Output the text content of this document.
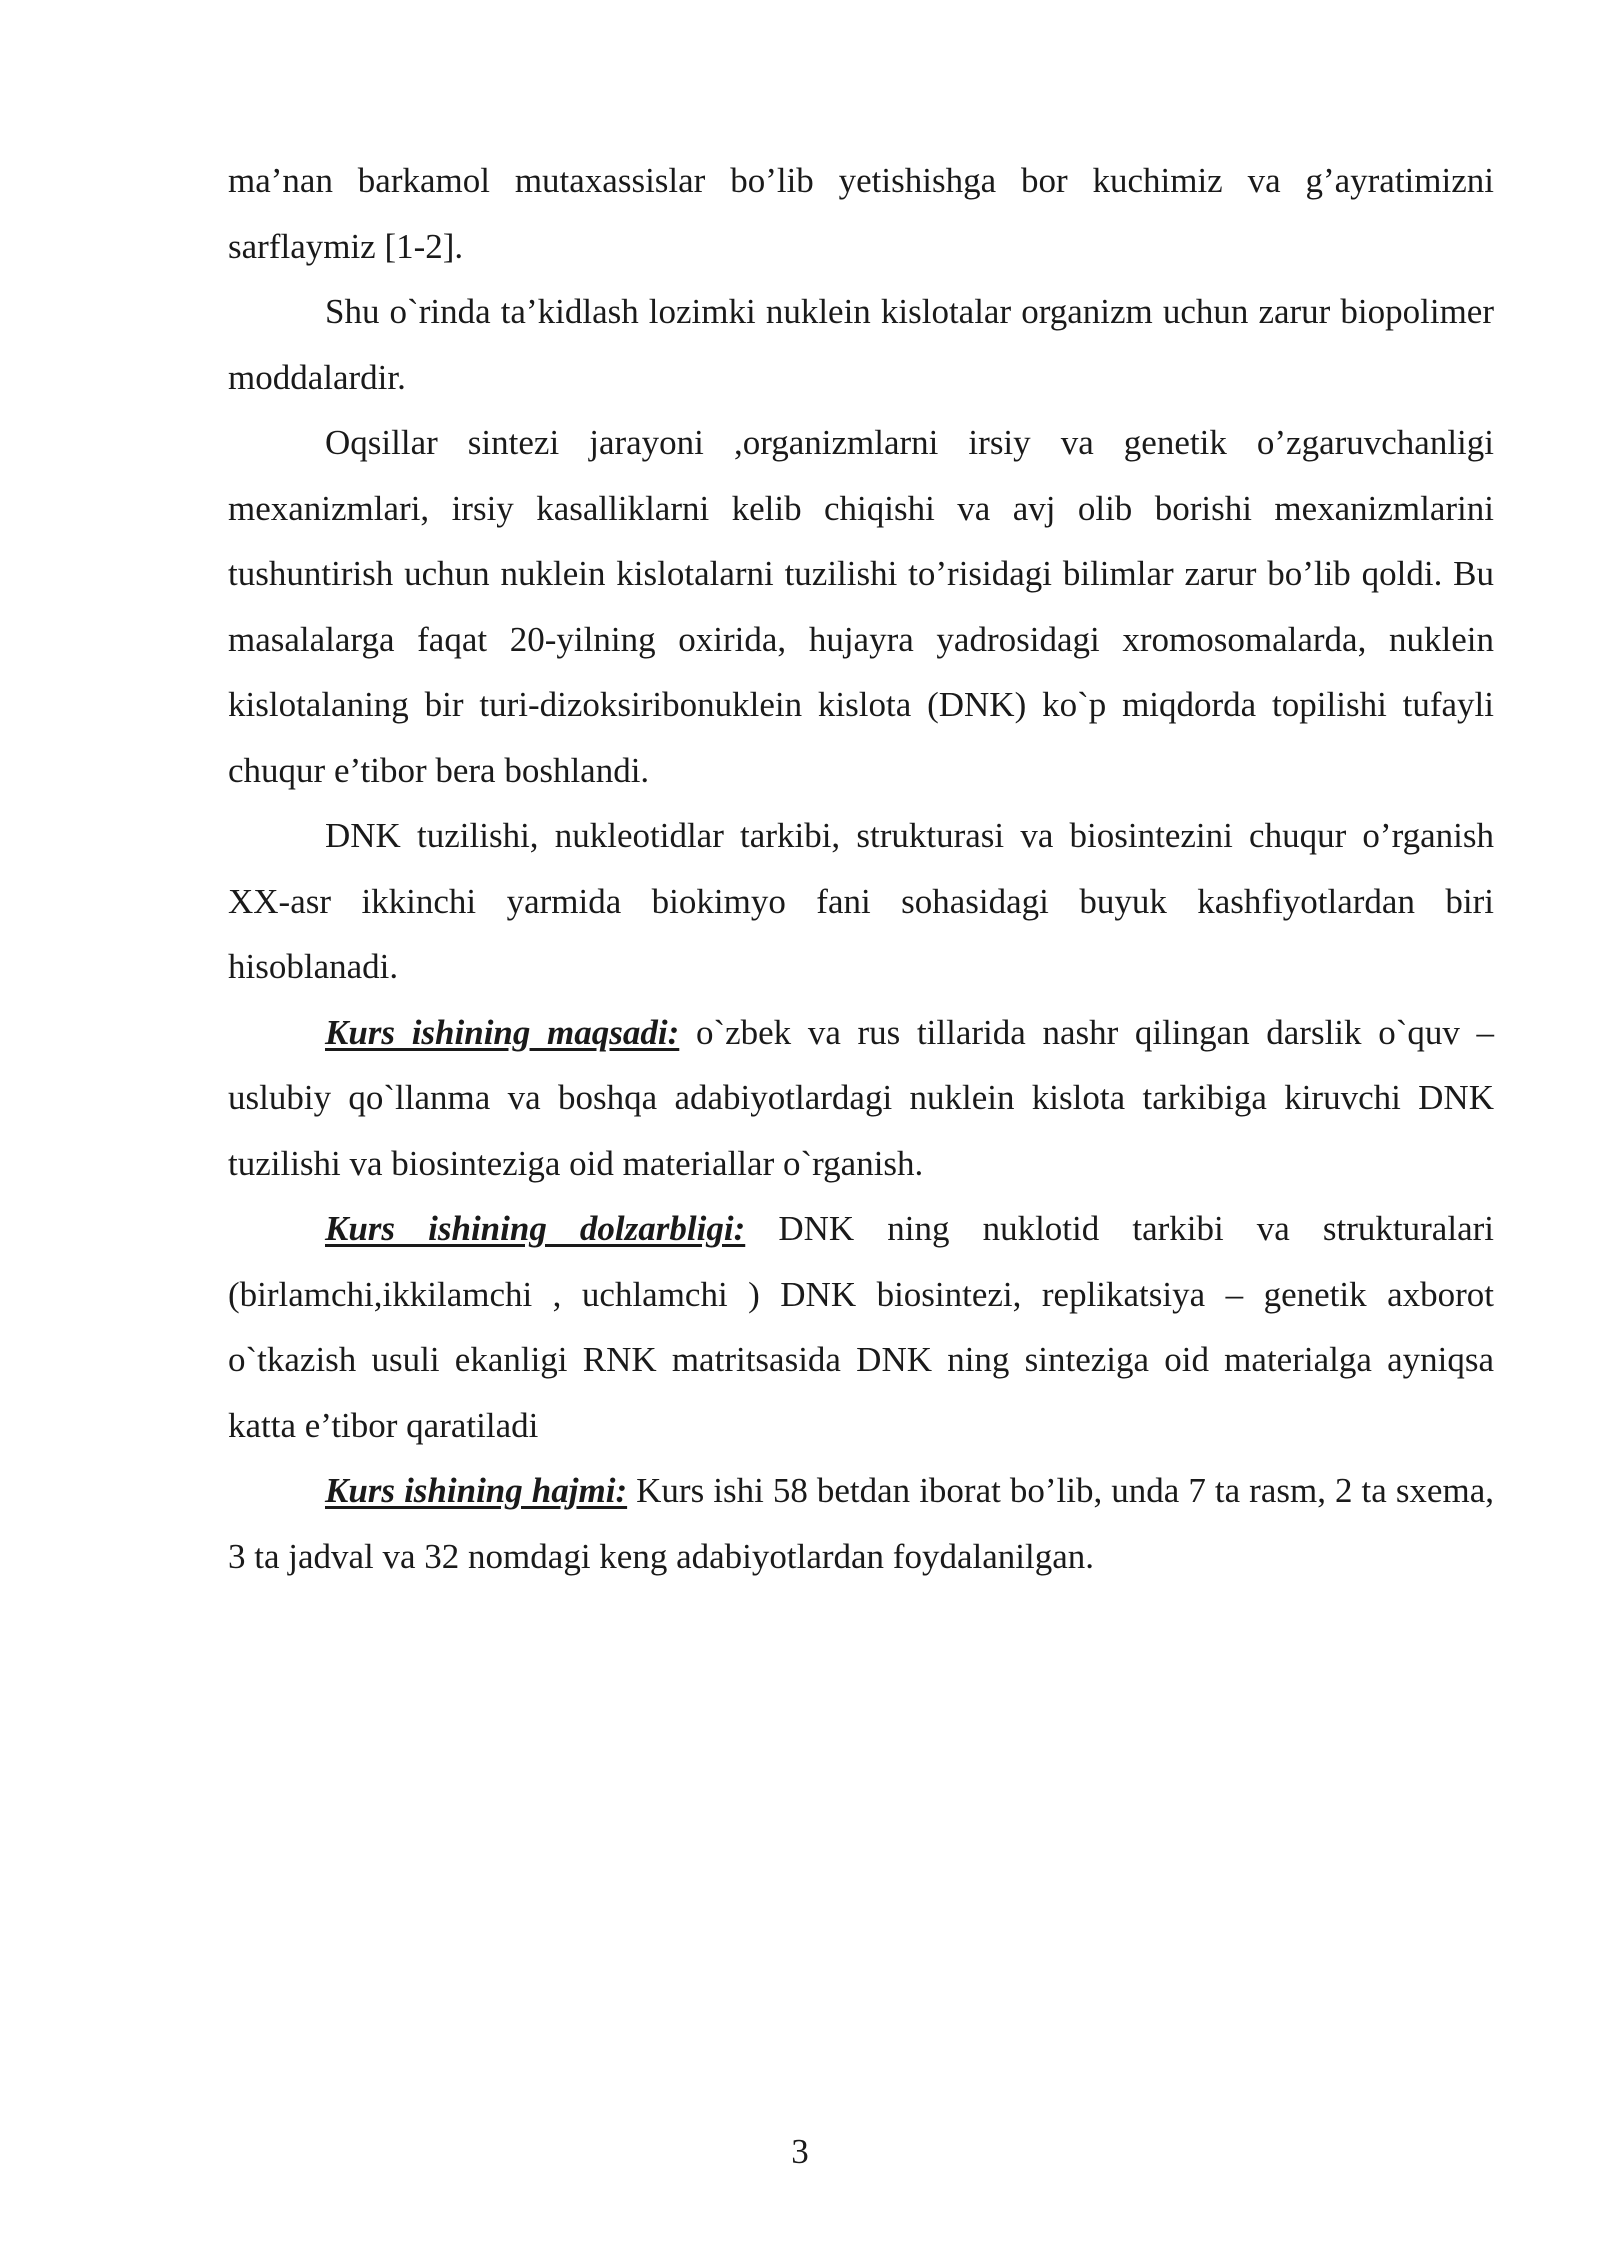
ma’nan barkamol mutaxassislar bo’lib yetishishga bor kuchimiz va g’ayratimizni sarflaymiz [1-2].

Shu o`rinda ta’kidlash lozimki nuklein kislotalar organizm uchun zarur biopolimer moddalardir.

Oqsillar sintezi jarayoni ,organizmlarni irsiy va genetik o’zgaruvchanligi mexanizmlari, irsiy kasalliklarni kelib chiqishi va avj olib borishi mexanizmlarini tushuntirish uchun nuklein kislotalarni tuzilishi to’risidagi bilimlar zarur bo’lib qoldi. Bu masalalarga faqat 20-yilning oxirida, hujayra yadrosidagi xromosomalarda, nuklein kislotalaning bir turi-dizoksiribonuklein kislota (DNK) ko`p miqdorda topilishi tufayli chuqur e’tibor bera boshlandi.

DNK tuzilishi, nukleotidlar tarkibi, strukturasi va biosintezini chuqur o’rganish XX-asr ikkinchi yarmida biokimyo fani sohasidagi buyuk kashfiyotlardan biri hisoblanadi.

Kurs ishining maqsadi: o`zbek va rus tillarida nashr qilingan darslik o`quv – uslubiy qo`llanma va boshqa adabiyotlardagi nuklein kislota tarkibiga kiruvchi DNK tuzilishi va biosinteziga oid materiallar o`rganish.

Kurs ishining dolzarbligi: DNK ning nuklotid tarkibi va strukturalari (birlamchi,ikkilamchi , uchlamchi ) DNK biosintezi, replikatsiya – genetik axborot o`tkazish usuli ekanligi RNK matritsasida DNK ning sinteziga oid materialga ayniqsa katta e’tibor qaratiladi

Kurs ishining hajmi: Kurs ishi 58 betdan iborat bo’lib, unda 7 ta rasm, 2 ta sxema, 3 ta jadval va 32 nomdagi keng adabiyotlardan foydalanilgan.

3
